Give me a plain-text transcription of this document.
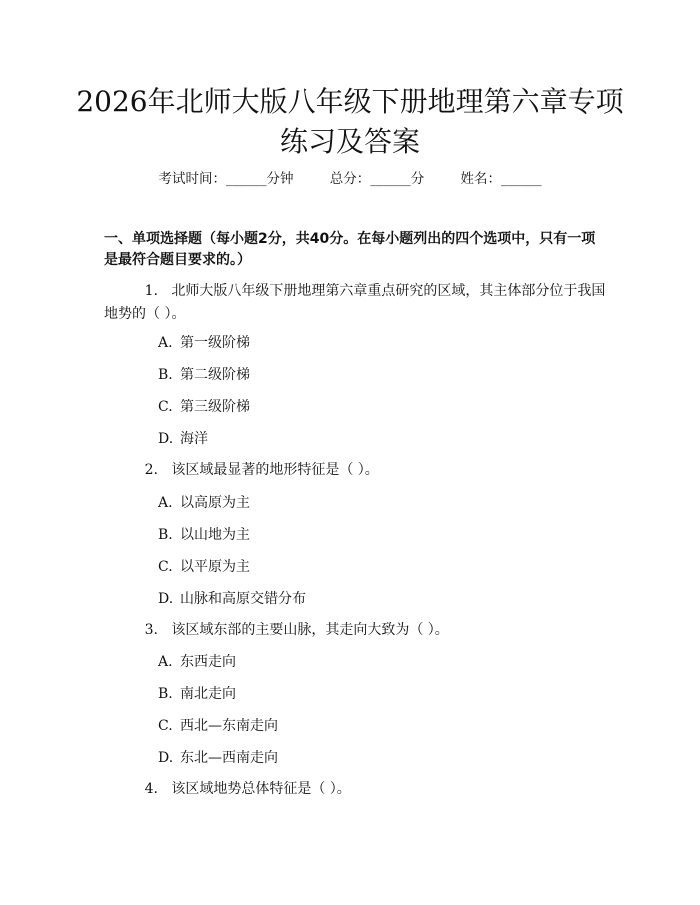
2026年北师大版八年级下册地理第六章专项
练习及答案
考试时间：______分钟	总分：______分	姓名：______
一、单项选择题（每小题2分，共40分。在每小题列出的四个选项中，只有一项是最符合题目要求的。）
1. 北师大版八年级下册地理第六章重点研究的区域，其主体部分位于我国地势的（ ）。
A. 第一级阶梯
B. 第二级阶梯
C. 第三级阶梯
D. 海洋
2. 该区域最显著的地形特征是（ ）。
A. 以高原为主
B. 以山地为主
C. 以平原为主
D. 山脉和高原交错分布
3. 该区域东部的主要山脉，其走向大致为（ ）。
A. 东西走向
B. 南北走向
C. 西北—东南走向
D. 东北—西南走向
4. 该区域地势总体特征是（ ）。
